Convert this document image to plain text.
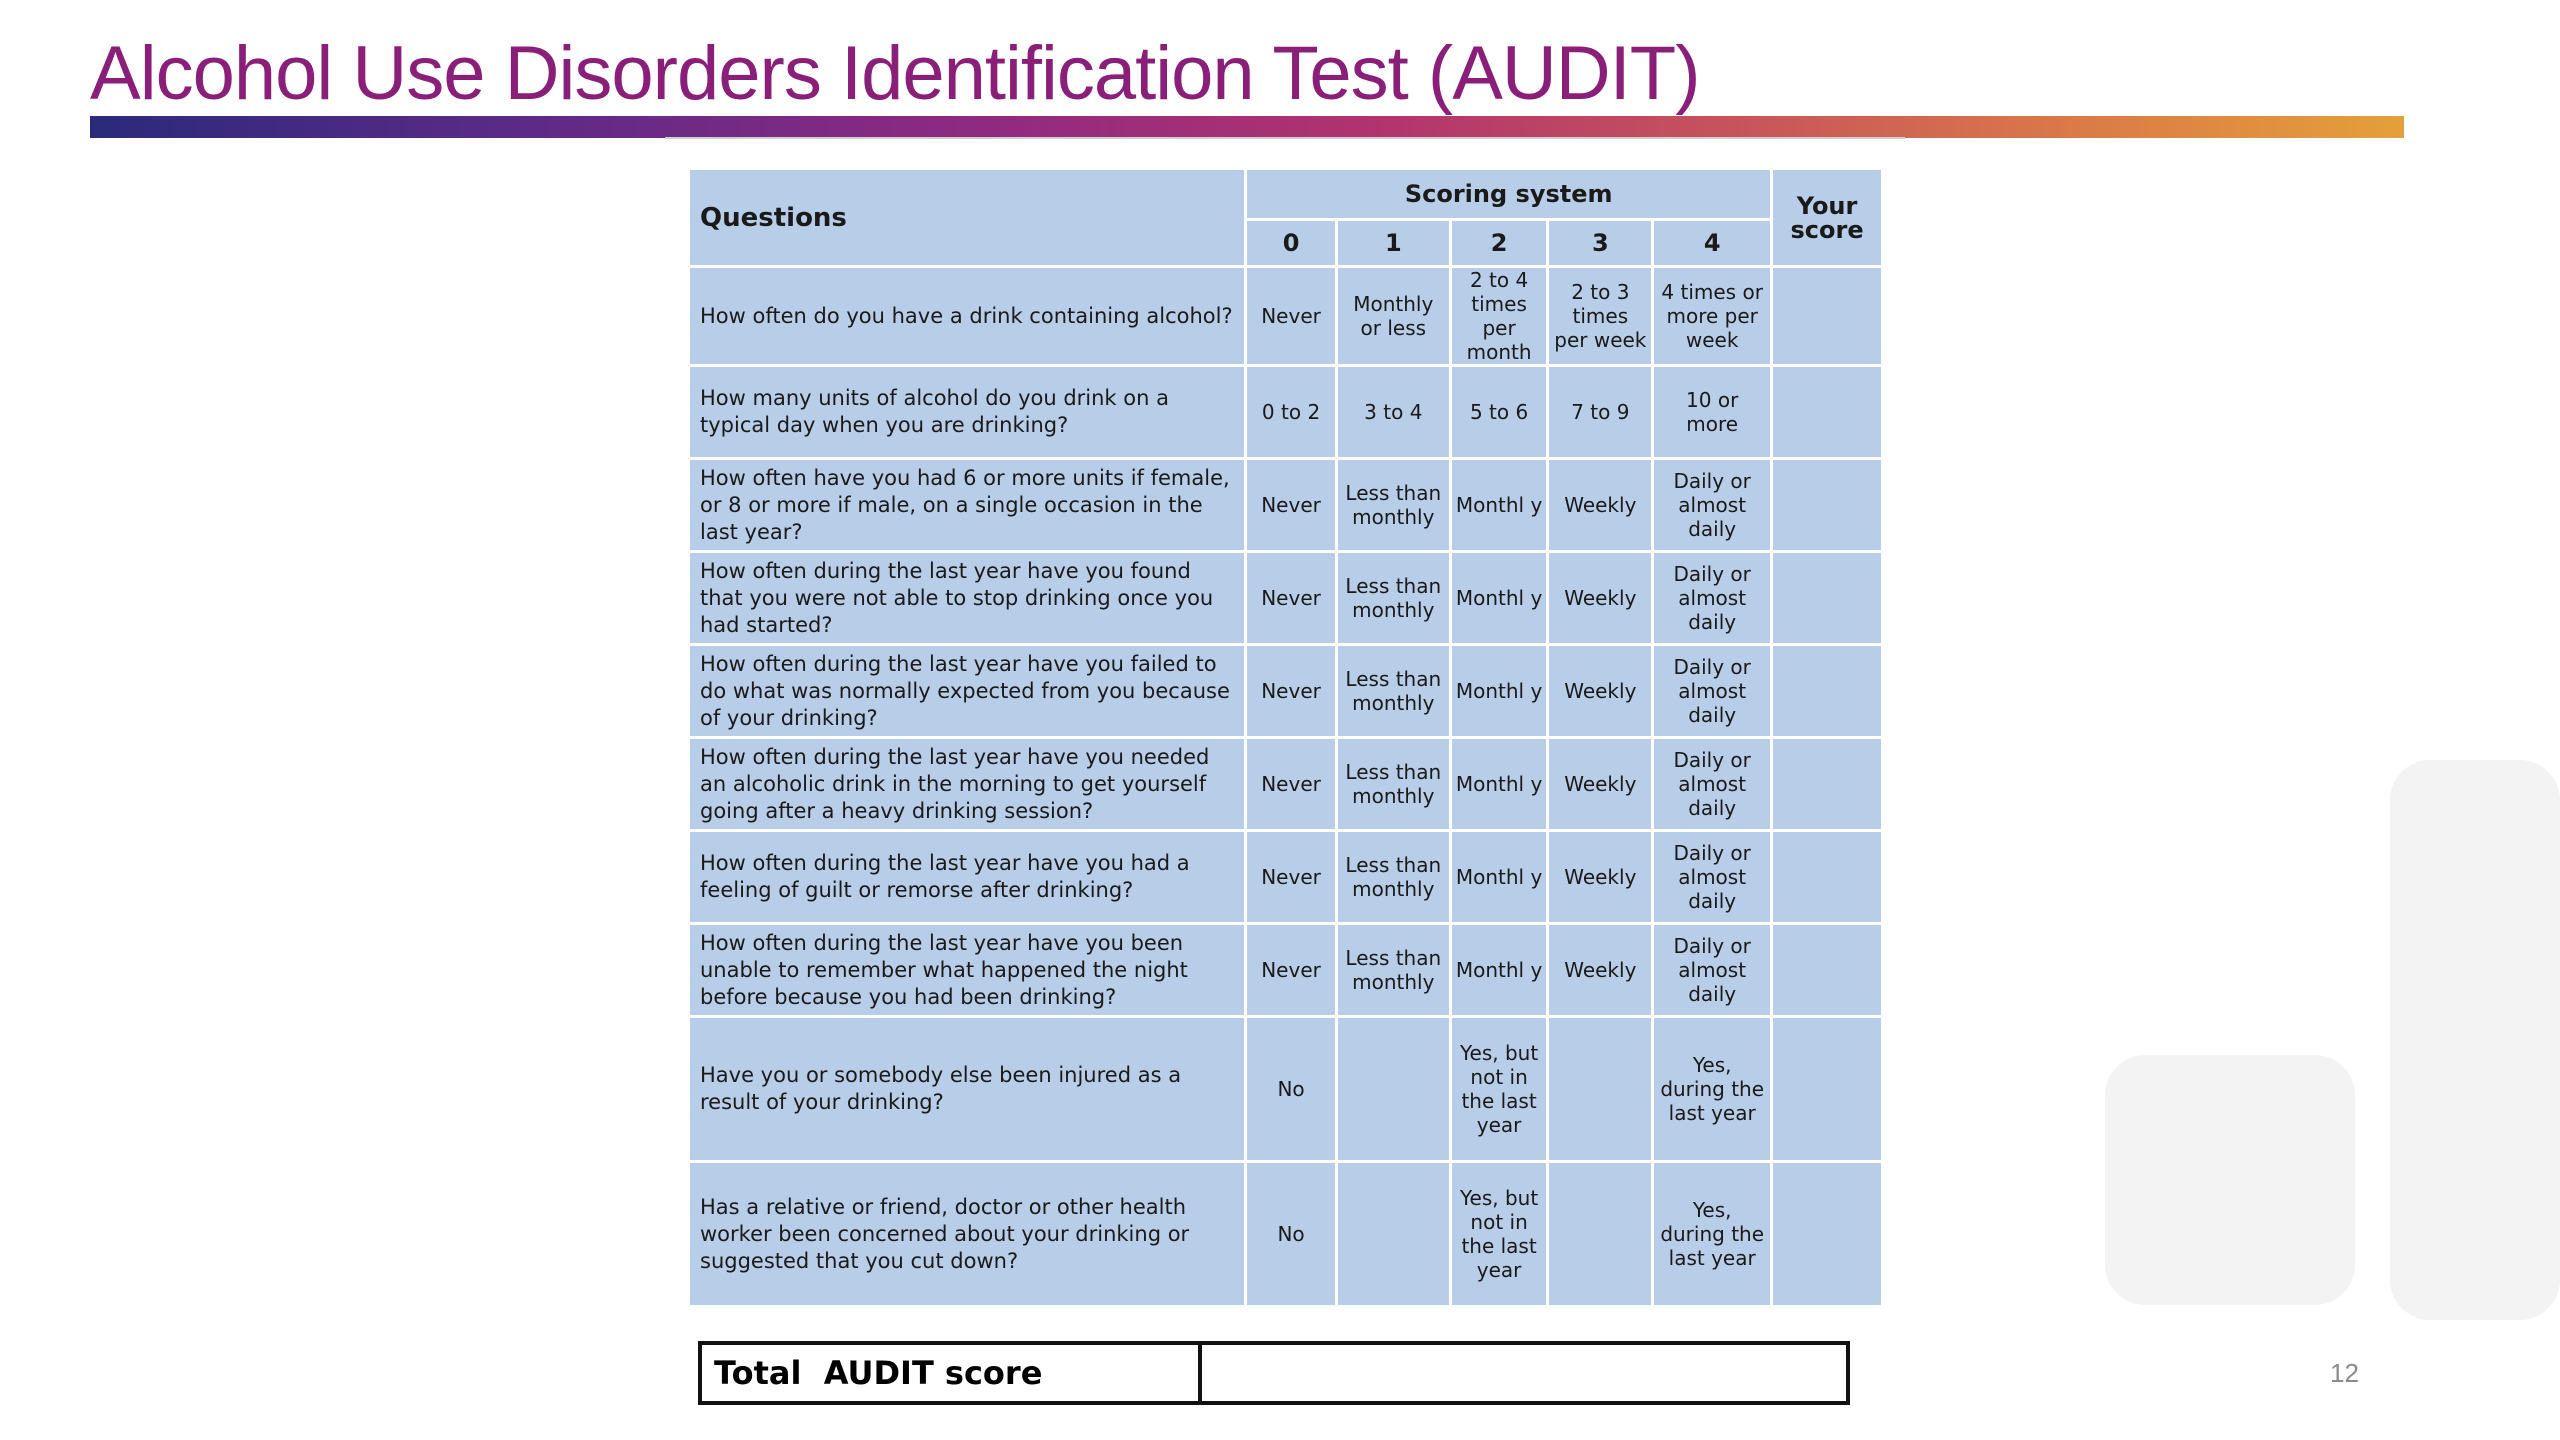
Alcohol Use Disorders Identification Test (AUDIT)
Questions	Scoring system					Your score
	0	1	2	3	4	
How often do you have a drink containing alcohol?	Never	Monthly or less	2 to 4 times per month	2 to 3 times per week	4 times or more per week	
How many units of alcohol do you drink on a typical day when you are drinking?	0 to 2	3 to 4	5 to 6	7 to 9	10 or more	
How often have you had 6 or more units if female, or 8 or more if male, on a single occasion in the last year?	Never	Less than monthly	Monthl y	Weekly	Daily or almost daily	
How often during the last year have you found that you were not able to stop drinking once you had started?	Never	Less than monthly	Monthl y	Weekly	Daily or almost daily	
How often during the last year have you failed to do what was normally expected from you because of your drinking?	Never	Less than monthly	Monthl y	Weekly	Daily or almost daily	
How often during the last year have you needed an alcoholic drink in the morning to get yourself going after a heavy drinking session?	Never	Less than monthly	Monthl y	Weekly	Daily or almost daily	
How often during the last year have you had a feeling of guilt or remorse after drinking?	Never	Less than monthly	Monthl y	Weekly	Daily or almost daily	
How often during the last year have you been unable to remember what happened the night before because you had been drinking?	Never	Less than monthly	Monthl y	Weekly	Daily or almost daily	
Have you or somebody else been injured as a result of your drinking?	No		Yes, but not in the last year		Yes, during the last year	
Has a relative or friend, doctor or other health worker been concerned about your drinking or suggested that you cut down?	No		Yes, but not in the last year		Yes, during the last year	
Total  AUDIT score	12
